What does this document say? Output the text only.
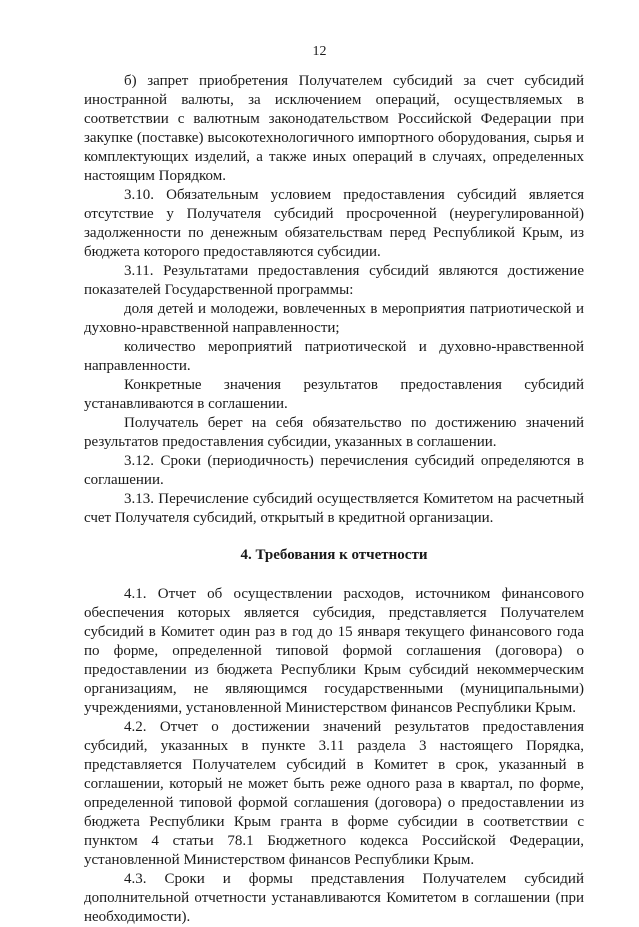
12

б) запрет приобретения Получателем субсидий за счет субсидий иностранной валюты, за исключением операций, осуществляемых в соответствии с валютным законодательством Российской Федерации при закупке (поставке) высокотехнологичного импортного оборудования, сырья и комплектующих изделий, а также иных операций в случаях, определенных настоящим Порядком.

3.10. Обязательным условием предоставления субсидий является отсутствие у Получателя субсидий просроченной (неурегулированной) задолженности по денежным обязательствам перед Республикой Крым, из бюджета которого предоставляются субсидии.

3.11. Результатами предоставления субсидий являются достижение показателей Государственной программы:

доля детей и молодежи, вовлеченных в мероприятия патриотической и духовно-нравственной направленности;

количество мероприятий патриотической и духовно-нравственной направленности.

Конкретные значения результатов предоставления субсидий устанавливаются в соглашении.

Получатель берет на себя обязательство по достижению значений результатов предоставления субсидии, указанных в соглашении.

3.12. Сроки (периодичность) перечисления субсидий определяются в соглашении.

3.13. Перечисление субсидий осуществляется Комитетом на расчетный счет Получателя субсидий, открытый в кредитной организации.

4. Требования к отчетности

4.1. Отчет об осуществлении расходов, источником финансового обеспечения которых является субсидия, представляется Получателем субсидий в Комитет один раз в год до 15 января текущего финансового года по форме, определенной типовой формой соглашения (договора) о предоставлении из бюджета Республики Крым субсидий некоммерческим организациям, не являющимся государственными (муниципальными) учреждениями, установленной Министерством финансов Республики Крым.

4.2. Отчет о достижении значений результатов предоставления субсидий, указанных в пункте 3.11 раздела 3 настоящего Порядка, представляется Получателем субсидий в Комитет в срок, указанный в соглашении, который не может быть реже одного раза в квартал, по форме, определенной типовой формой соглашения (договора) о предоставлении из бюджета Республики Крым гранта в форме субсидии в соответствии с пунктом 4 статьи 78.1 Бюджетного кодекса Российской Федерации, установленной Министерством финансов Республики Крым.

4.3. Сроки и формы представления Получателем субсидий дополнительной отчетности устанавливаются Комитетом в соглашении (при необходимости).
